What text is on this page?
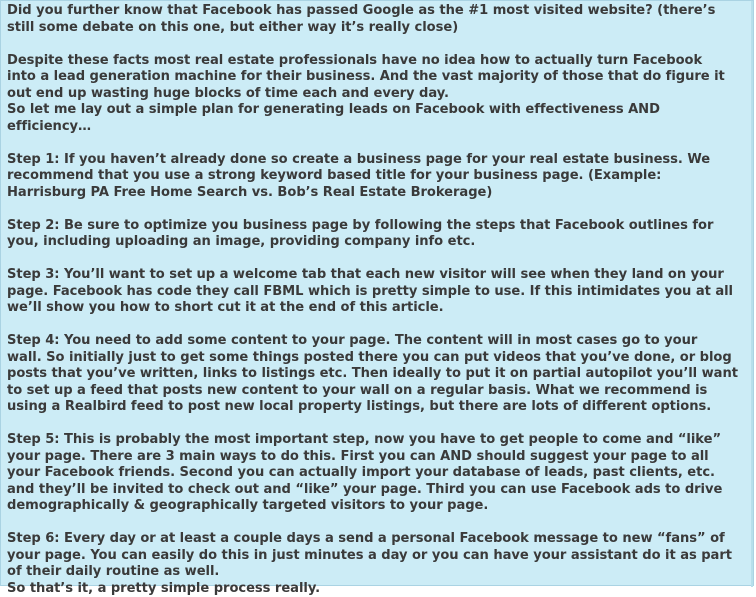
Did you further know that Facebook has passed Google as the #1 most visited website? (there’s
still some debate on this one, but either way it’s really close)

Despite these facts most real estate professionals have no idea how to actually turn Facebook
into a lead generation machine for their business. And the vast majority of those that do figure it
out end up wasting huge blocks of time each and every day.

So let me lay out a simple plan for generating leads on Facebook with effectiveness AND
efficiency…

Step 1: If you haven’t already done so create a business page for your real estate business. We
recommend that you use a strong keyword based title for your business page. (Example:
Harrisburg PA Free Home Search vs. Bob’s Real Estate Brokerage)

Step 2: Be sure to optimize you business page by following the steps that Facebook outlines for
you, including uploading an image, providing company info etc.

Step 3: You’ll want to set up a welcome tab that each new visitor will see when they land on your
page. Facebook has code they call FBML which is pretty simple to use. If this intimidates you at all
we’ll show you how to short cut it at the end of this article.

Step 4: You need to add some content to your page. The content will in most cases go to your
wall. So initially just to get some things posted there you can put videos that you’ve done, or blog
posts that you’ve written, links to listings etc. Then ideally to put it on partial autopilot you’ll want
to set up a feed that posts new content to your wall on a regular basis. What we recommend is
using a Realbird feed to post new local property listings, but there are lots of different options.

Step 5: This is probably the most important step, now you have to get people to come and “like”
your page. There are 3 main ways to do this. First you can AND should suggest your page to all
your Facebook friends. Second you can actually import your database of leads, past clients, etc.
and they’ll be invited to check out and “like” your page. Third you can use Facebook ads to drive
demographically & geographically targeted visitors to your page.

Step 6: Every day or at least a couple days a send a personal Facebook message to new “fans” of
your page. You can easily do this in just minutes a day or you can have your assistant do it as part
of their daily routine as well.

So that’s it, a pretty simple process really.
